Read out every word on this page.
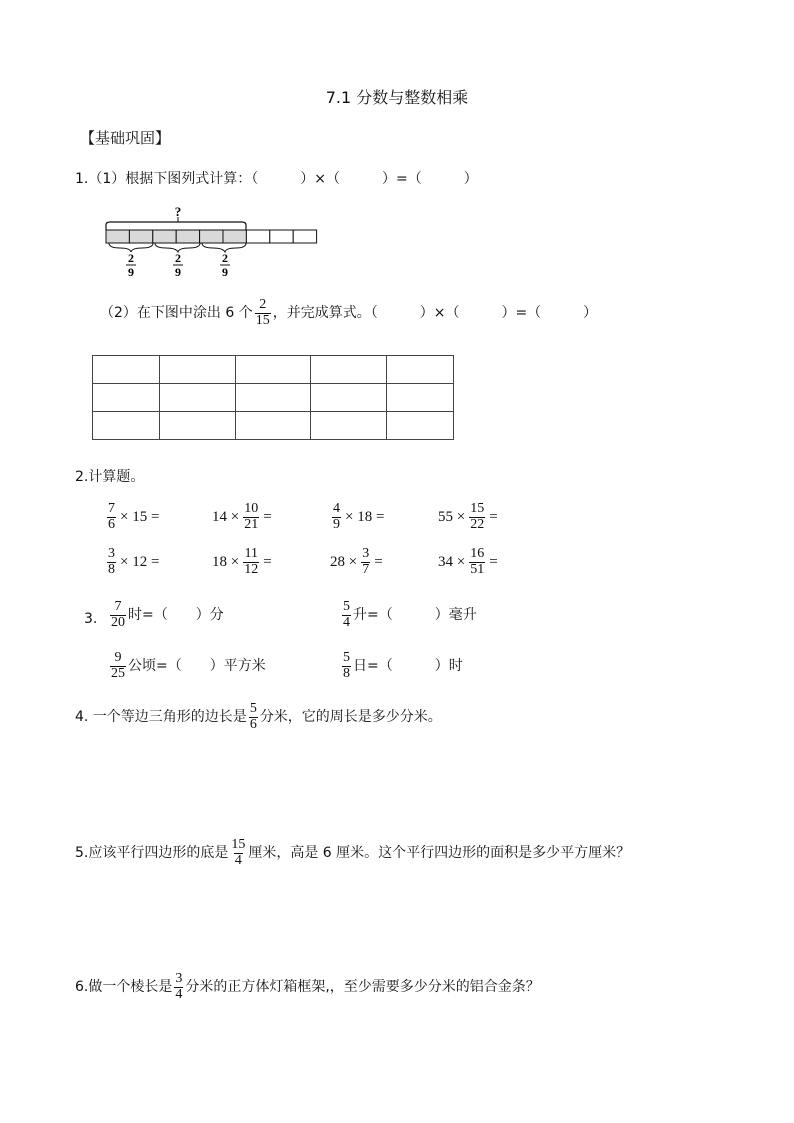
7.1 分数与整数相乘
【基础巩固】
1.（1）根据下图列式计算：（　　　）×（　　　）=（　　　）
?
2
9
2
9
2
9
（2）在下图中涂出 6 个 $\frac{2}{15}$ ，并完成算式。（　　　）×（　　　）=（　　　）

2.计算题。
$\frac{7}{6} \times 15$ =	$14 \times \frac{10}{21}$ =	$\frac{4}{9} \times 18$ =	$55 \times \frac{15}{22}$ =
$\frac{3}{8} \times 12$ =	$18 \times \frac{11}{12}$ =	$28 \times \frac{3}{7}$ =	$34 \times \frac{16}{51}$ =
3. $\frac{7}{20}$ 时=（　　）分	$\frac{5}{4}$ 升=（　　　）毫升
$\frac{9}{25}$ 公顷=（　　）平方米	$\frac{5}{8}$ 日=（　　　）时
4. 一个等边三角形的边长是 $\frac{5}{6}$ 分米，它的周长是多少分米。
5.应该平行四边形的底是 $\frac{15}{4}$ 厘米，高是 6 厘米。这个平行四边形的面积是多少平方厘米？
6.做一个棱长是 $\frac{3}{4}$ 分米的正方体灯箱框架,，至少需要多少分米的铝合金条？
